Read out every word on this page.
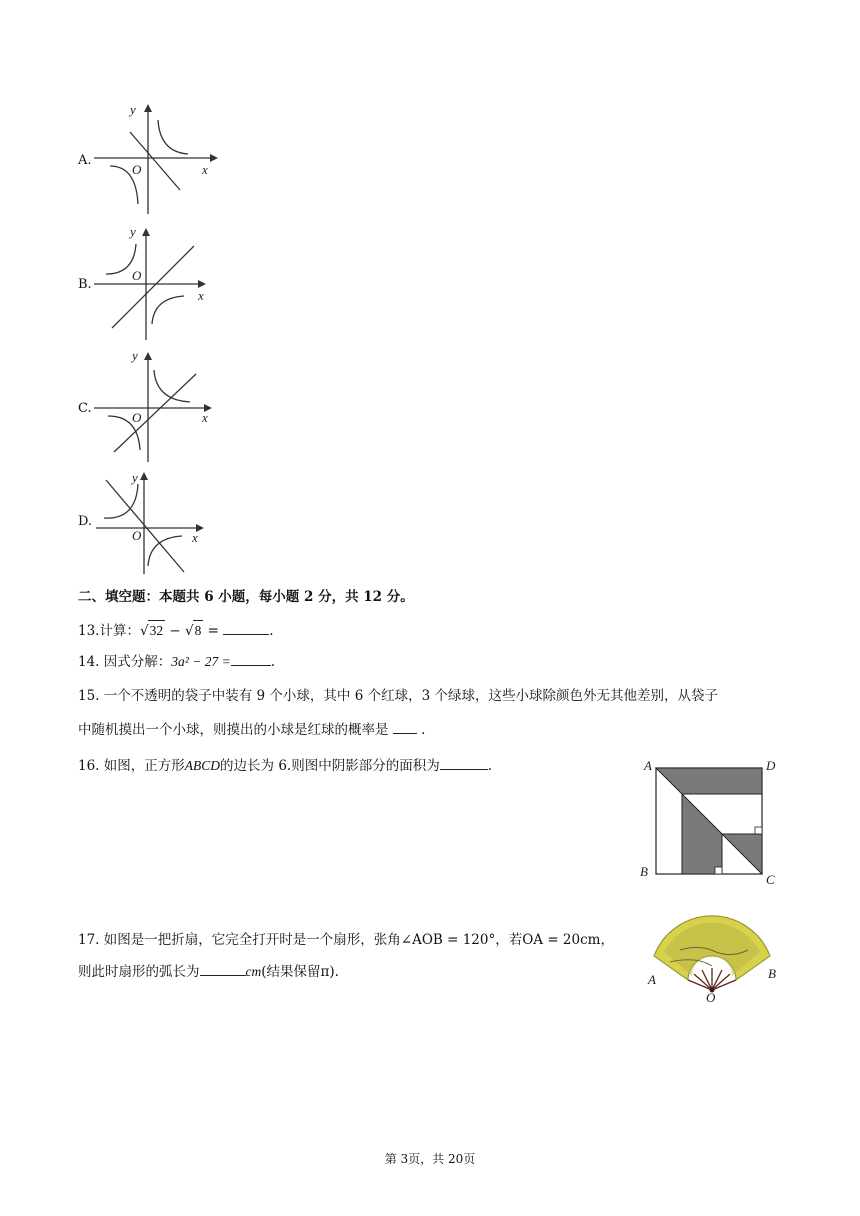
A.
y
x
O
B.
y
x
O
C.
y
x
O
D.
y
x
O
二、填空题：本题共 6 小题，每小题 2 分，共 12 分。
13.计算：√32 − √8 =	.
14. 因式分解：3a² − 27 =	.
15. 一个不透明的袋子中装有 9 个小球，其中 6 个红球，3 个绿球，这些小球除颜色外无其他差别，从袋子
中随机摸出一个小球，则摸出的小球是红球的概率是 .
16. 如图，正方形ABCD的边长为 6.则图中阴影部分的面积为	.	A	D
B
C
17. 如图是一把折扇，它完全打开时是一个扇形，张角∠AOB = 120°，若OA = 20cm，
则此时扇形的弧长为	cm(结果保留π).	A	B
O
第 3页，共 20页
